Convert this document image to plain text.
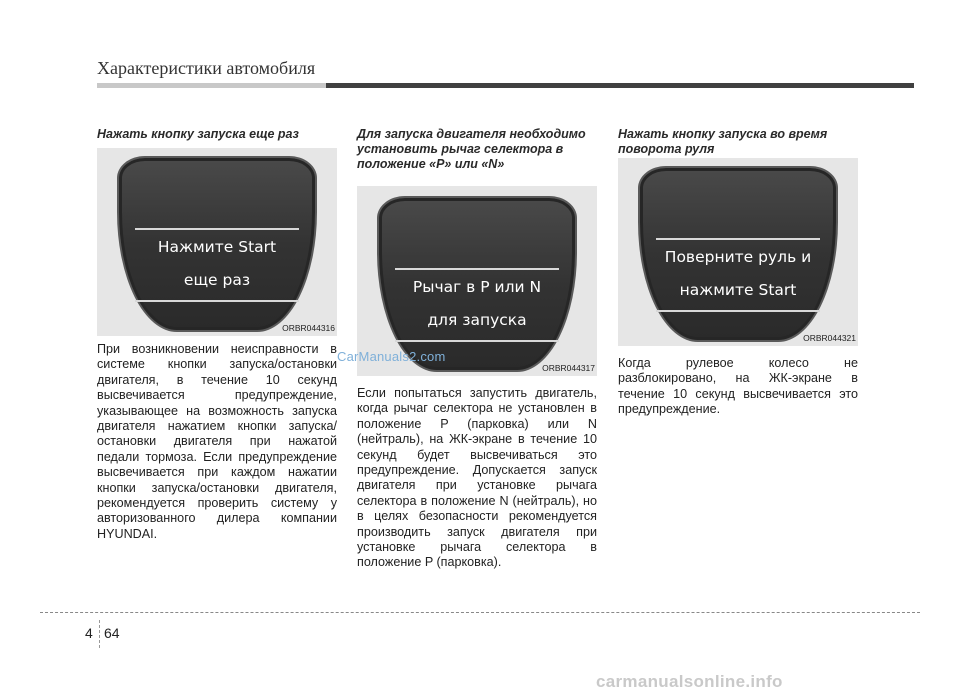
Характеристики автомобиля

Нажать кнопку запуска еще раз

Нажмите Start
еще раз
ORBR044316

При возникновении неисправности в системе кнопки запуска/остановки двигателя, в течение 10 секунд высвечивается предупреждение, указывающее на возможность запуска двигателя нажатием кнопки запуска/остановки двигателя при нажатой педали тормоза. Если предупреждение высвечивается при каждом нажатии кнопки запуска/остановки двигателя, рекомендуется проверить систему у авторизованного дилера компании HYUNDAI.

Для запуска двигателя необходимо установить рычаг селектора в положение «P» или «N»

Рычаг в P или N
для запуска
ORBR044317

Если попытаться запустить двигатель, когда рычаг селектора не установлен в положение P (парковка) или N (нейтраль), на ЖК-экране в течение 10 секунд будет высвечиваться это предупреждение. Допускается запуск двигателя при установке рычага селектора в положение N (нейтраль), но в целях безопасности рекомендуется производить запуск двигателя при установке рычага селектора в положение P (парковка).

Нажать кнопку запуска во время поворота руля

Поверните руль и
нажмите Start
ORBR044321

Когда рулевое колесо не разблокировано, на ЖК-экране в течение 10 секунд высвечивается это предупреждение.

CarManuals2.com
4 64
carmanualsonline.info
